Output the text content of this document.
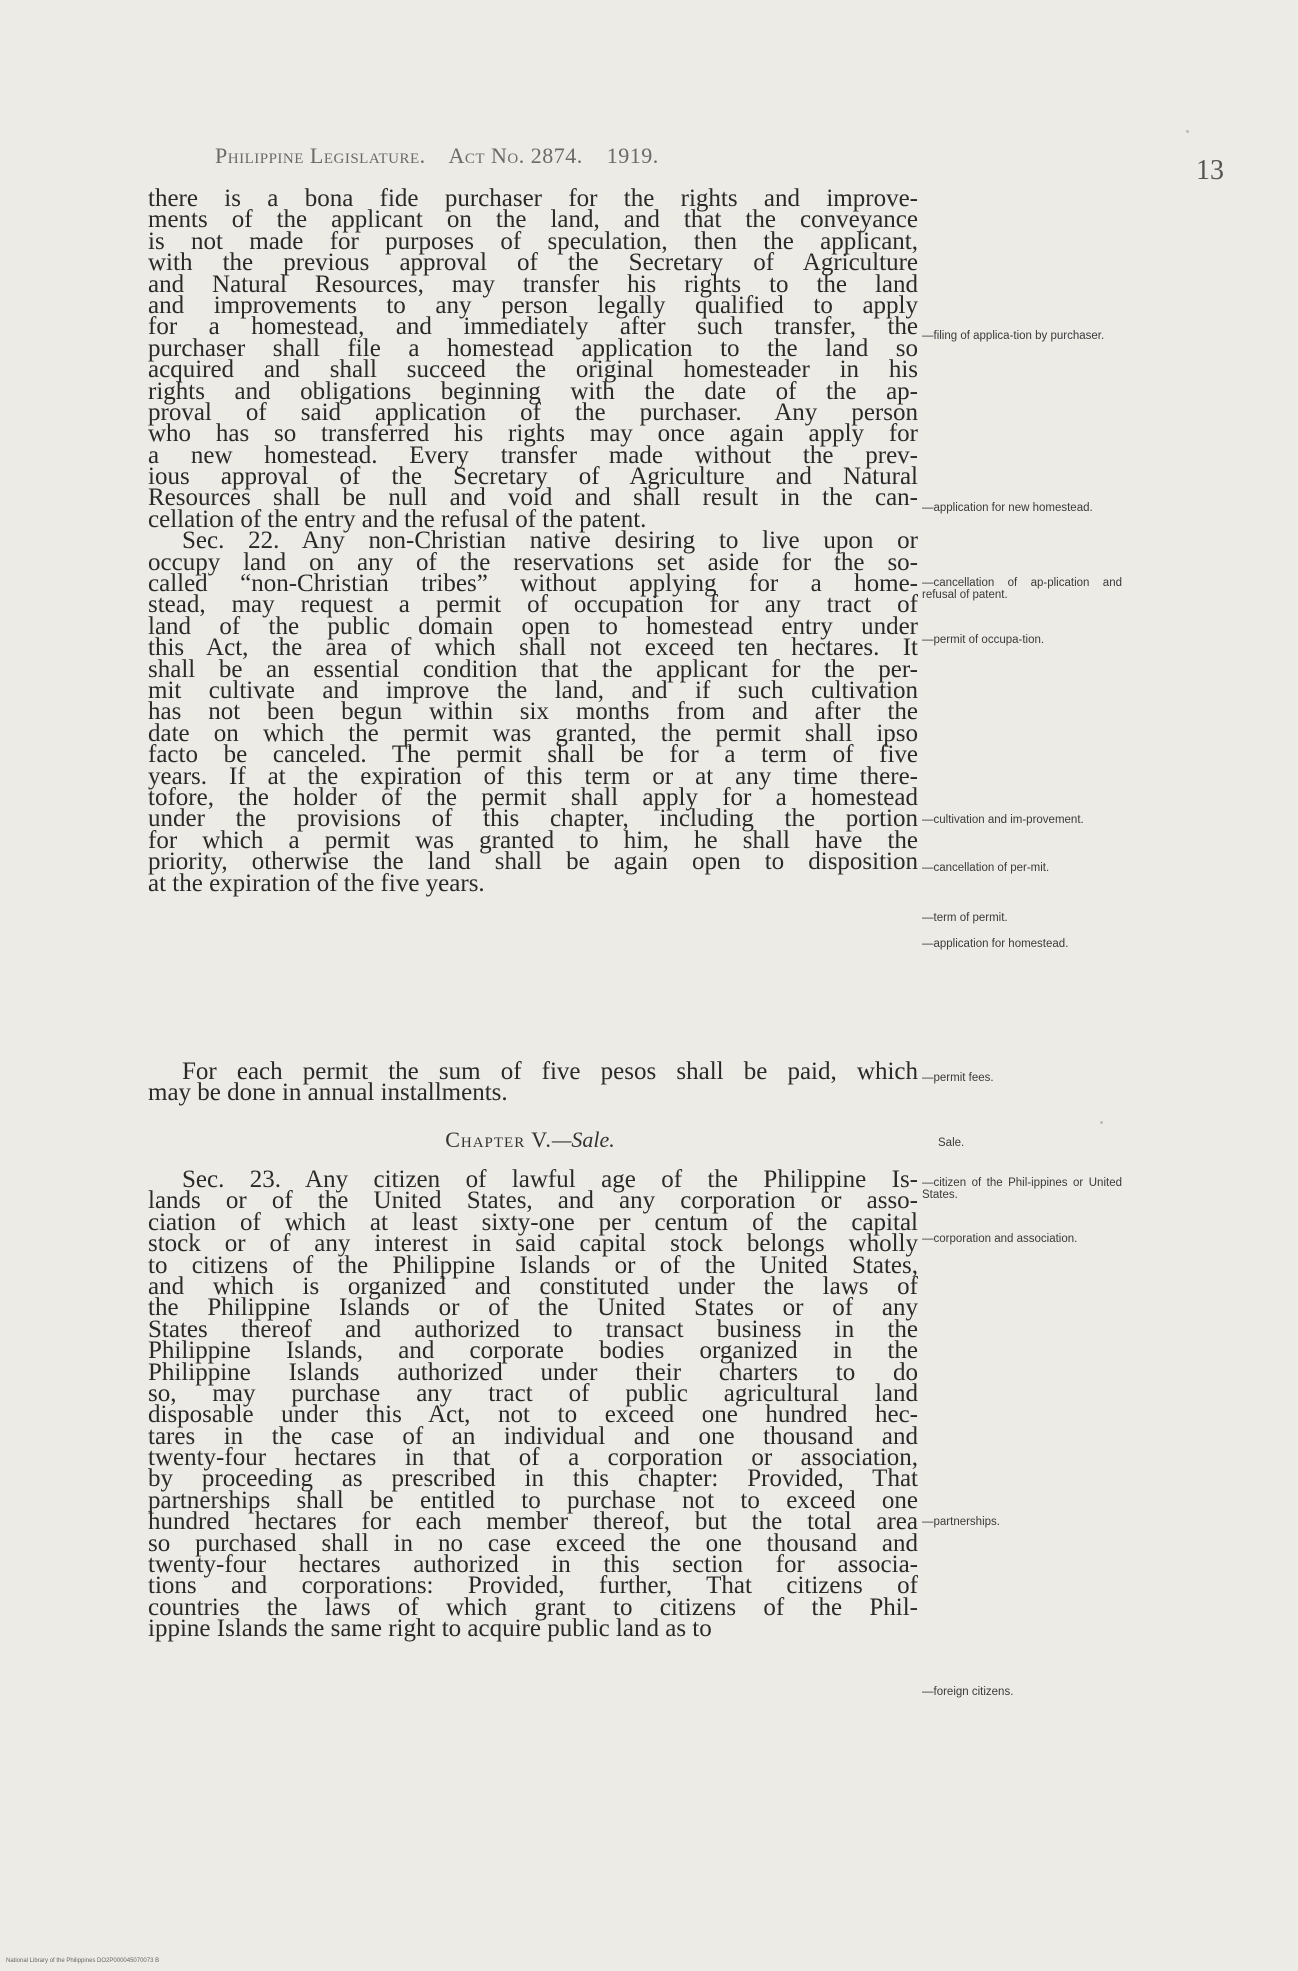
Philippine Legislature. Act No. 2874. 1919.	13
there is a bona fide purchaser for the rights and improve-
ments of the applicant on the land, and that the conveyance
is not made for purposes of speculation, then the applicant,
with the previous approval of the Secretary of Agriculture
and Natural Resources, may transfer his rights to the land
and improvements to any person legally qualified to apply
for a homestead, and immediately after such transfer, the
purchaser shall file a homestead application to the land so
acquired and shall succeed the original homesteader in his
rights and obligations beginning with the date of the ap-
proval of said application of the purchaser. Any person
who has so transferred his rights may once again apply for
a new homestead. Every transfer made without the prev-
ious approval of the Secretary of Agriculture and Natural
Resources shall be null and void and shall result in the can-
cellation of the entry and the refusal of the patent.
Sec. 22. Any non-Christian native desiring to live upon or
occupy land on any of the reservations set aside for the so-
called “non-Christian tribes” without applying for a home-
stead, may request a permit of occupation for any tract of
land of the public domain open to homestead entry under
this Act, the area of which shall not exceed ten hectares. It
shall be an essential condition that the applicant for the per-
mit cultivate and improve the land, and if such cultivation
has not been begun within six months from and after the
date on which the permit was granted, the permit shall ipso
facto be canceled. The permit shall be for a term of five
years. If at the expiration of this term or at any time there-
tofore, the holder of the permit shall apply for a homestead
under the provisions of this chapter, including the portion
for which a permit was granted to him, he shall have the
priority, otherwise the land shall be again open to disposition
at the expiration of the five years.
For each permit the sum of five pesos shall be paid, which
may be done in annual installments.
Chapter V.—Sale.
Sec. 23. Any citizen of lawful age of the Philippine Is-
lands or of the United States, and any corporation or asso-
ciation of which at least sixty-one per centum of the capital
stock or of any interest in said capital stock belongs wholly
to citizens of the Philippine Islands or of the United States,
and which is organized and constituted under the laws of
the Philippine Islands or of the United States or of any
States thereof and authorized to transact business in the
Philippine Islands, and corporate bodies organized in the
Philippine Islands authorized under their charters to do
so, may purchase any tract of public agricultural land
disposable under this Act, not to exceed one hundred hec-
tares in the case of an individual and one thousand and
twenty-four hectares in that of a corporation or association,
by proceeding as prescribed in this chapter: Provided, That
partnerships shall be entitled to purchase not to exceed one
hundred hectares for each member thereof, but the total area
so purchased shall in no case exceed the one thousand and
twenty-four hectares authorized in this section for associa-
tions and corporations: Provided, further, That citizens of
countries the laws of which grant to citizens of the Phil-
ippine Islands the same right to acquire public land as to
—filing of applica-tion by purchaser.
—application for new homestead.
—cancellation of ap-plication and refusal of patent.
—permit of occupa-tion.
—cultivation and im-provement.
—cancellation of per-mit.
—term of permit.
—application for homestead.
—permit fees.
Sale.
—citizen of the Phil-ippines or United States.
—corporation and association.
—partnerships.
—foreign citizens.
National Library of the Philippines DO2P000045070073 B
